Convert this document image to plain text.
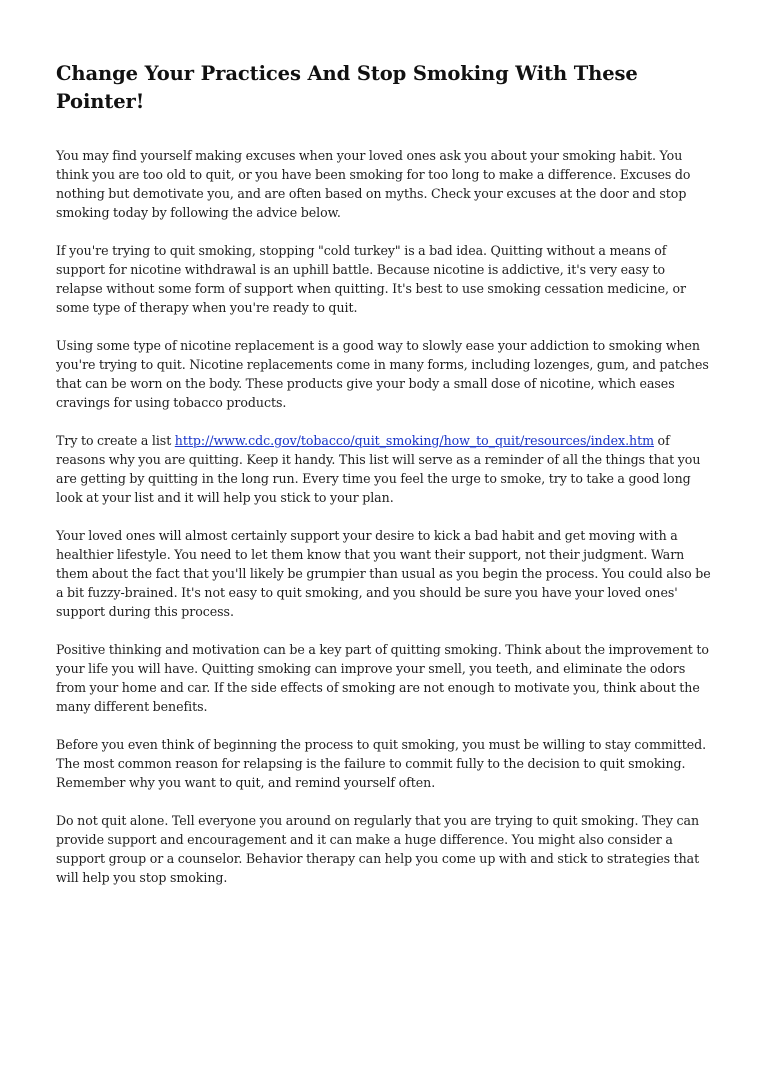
Change Your Practices And Stop Smoking With These Pointer!

You may find yourself making excuses when your loved ones ask you about your smoking habit. You think you are too old to quit, or you have been smoking for too long to make a difference. Excuses do nothing but demotivate you, and are often based on myths. Check your excuses at the door and stop smoking today by following the advice below.

If you're trying to quit smoking, stopping "cold turkey" is a bad idea. Quitting without a means of support for nicotine withdrawal is an uphill battle. Because nicotine is addictive, it's very easy to relapse without some form of support when quitting. It's best to use smoking cessation medicine, or some type of therapy when you're ready to quit.

Using some type of nicotine replacement is a good way to slowly ease your addiction to smoking when you're trying to quit. Nicotine replacements come in many forms, including lozenges, gum, and patches that can be worn on the body. These products give your body a small dose of nicotine, which eases cravings for using tobacco products.

Try to create a list http://www.cdc.gov/tobacco/quit_smoking/how_to_quit/resources/index.htm of reasons why you are quitting. Keep it handy. This list will serve as a reminder of all the things that you are getting by quitting in the long run. Every time you feel the urge to smoke, try to take a good long look at your list and it will help you stick to your plan.

Your loved ones will almost certainly support your desire to kick a bad habit and get moving with a healthier lifestyle. You need to let them know that you want their support, not their judgment. Warn them about the fact that you'll likely be grumpier than usual as you begin the process. You could also be a bit fuzzy-brained. It's not easy to quit smoking, and you should be sure you have your loved ones' support during this process.

Positive thinking and motivation can be a key part of quitting smoking. Think about the improvement to your life you will have. Quitting smoking can improve your smell, you teeth, and eliminate the odors from your home and car. If the side effects of smoking are not enough to motivate you, think about the many different benefits.

Before you even think of beginning the process to quit smoking, you must be willing to stay committed. The most common reason for relapsing is the failure to commit fully to the decision to quit smoking. Remember why you want to quit, and remind yourself often.

Do not quit alone. Tell everyone you around on regularly that you are trying to quit smoking. They can provide support and encouragement and it can make a huge difference. You might also consider a support group or a counselor. Behavior therapy can help you come up with and stick to strategies that will help you stop smoking.
